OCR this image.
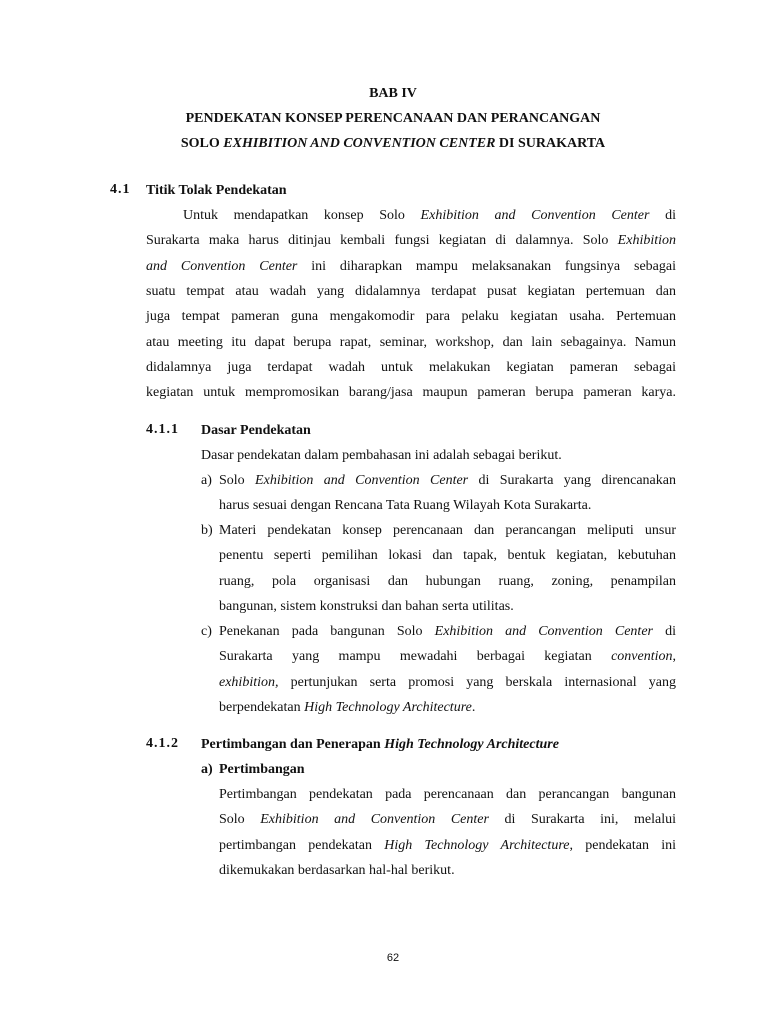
BAB IV
PENDEKATAN KONSEP PERENCANAAN DAN PERANCANGAN
SOLO EXHIBITION AND CONVENTION CENTER DI SURAKARTA
4.1 Titik Tolak Pendekatan
Untuk mendapatkan konsep Solo Exhibition and Convention Center di
Surakarta maka harus ditinjau kembali fungsi kegiatan di dalamnya. Solo Exhibition
and Convention Center ini diharapkan mampu melaksanakan fungsinya sebagai
suatu tempat atau wadah yang didalamnya terdapat pusat kegiatan pertemuan dan
juga tempat pameran guna mengakomodir para pelaku kegiatan usaha. Pertemuan
atau meeting itu dapat berupa rapat, seminar, workshop, dan lain sebagainya. Namun
didalamnya juga terdapat wadah untuk melakukan kegiatan pameran sebagai
kegiatan untuk mempromosikan barang/jasa maupun pameran berupa pameran karya.
4.1.1 Dasar Pendekatan
Dasar pendekatan dalam pembahasan ini adalah sebagai berikut.
a) Solo Exhibition and Convention Center di Surakarta yang direncanakan
harus sesuai dengan Rencana Tata Ruang Wilayah Kota Surakarta.
b) Materi pendekatan konsep perencanaan dan perancangan meliputi unsur
penentu seperti pemilihan lokasi dan tapak, bentuk kegiatan, kebutuhan
ruang, pola organisasi dan hubungan ruang, zoning, penampilan
bangunan, sistem konstruksi dan bahan serta utilitas.
c) Penekanan pada bangunan Solo Exhibition and Convention Center di
Surakarta yang mampu mewadahi berbagai kegiatan convention,
exhibition, pertunjukan serta promosi yang berskala internasional yang
berpendekatan High Technology Architecture.
4.1.2 Pertimbangan dan Penerapan High Technology Architecture
a) Pertimbangan
Pertimbangan pendekatan pada perencanaan dan perancangan bangunan
Solo Exhibition and Convention Center di Surakarta ini, melalui
pertimbangan pendekatan High Technology Architecture, pendekatan ini
dikemukakan berdasarkan hal-hal berikut.
62
